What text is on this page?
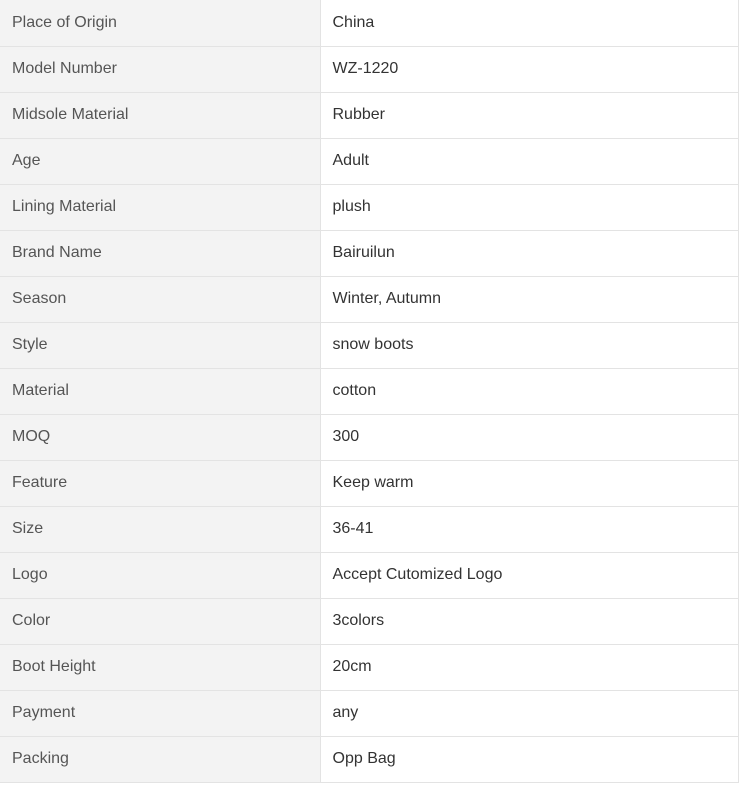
Place of Origin	China
Model Number	WZ-1220
Midsole Material	Rubber
Age	Adult
Lining Material	plush
Brand Name	Bairuilun
Season	Winter, Autumn
Style	snow boots
Material	cotton
MOQ	300
Feature	Keep warm
Size	36-41
Logo	Accept Cutomized Logo
Color	3colors
Boot Height	20cm
Payment	any
Packing	Opp Bag
